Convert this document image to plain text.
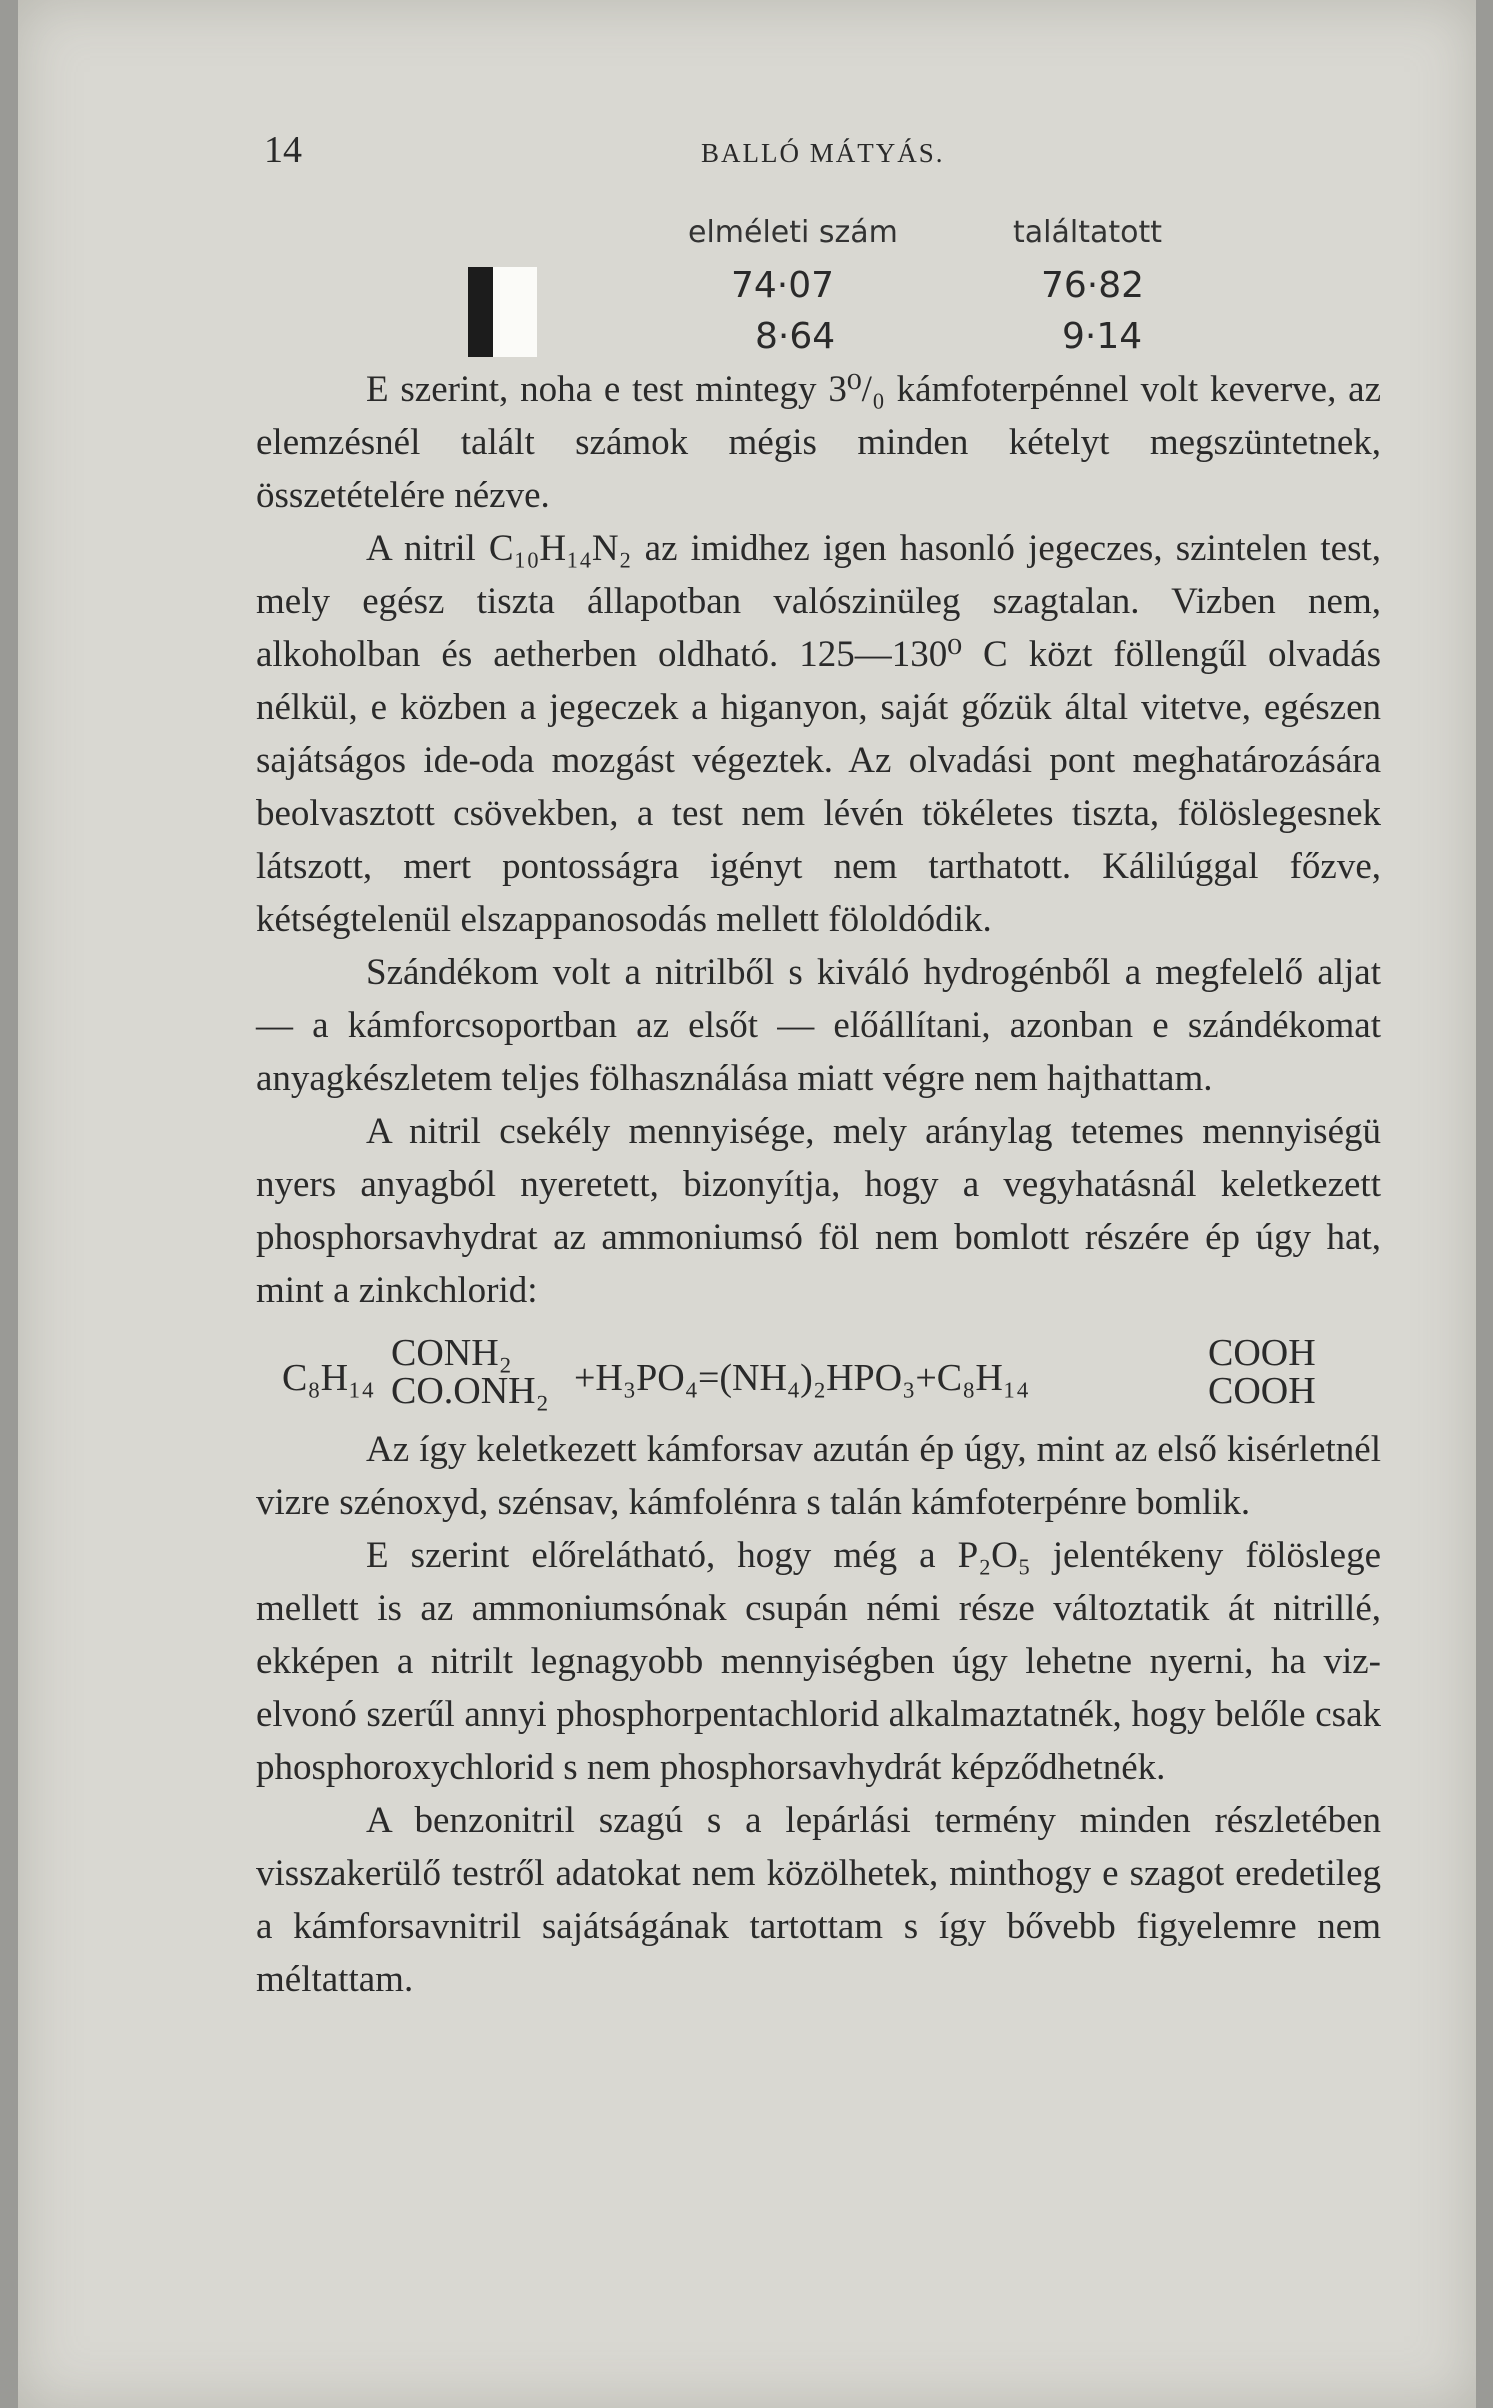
14	BALLÓ MÁTYÁS.
elméleti szám	találtatott
74·07	76·82
8·64	9·14

E szerint, noha e test mintegy 3⁰/₀ kámfoterpénnel volt keverve, az elemzésnél talált számok mégis minden kételyt megszüntetnek, összetételére nézve.

A nitril C₁₀H₁₄N₂ az imidhez igen hasonló jegeczes, szintelen test, mely egész tiszta állapotban valószinüleg szagtalan. Vizben nem, alkoholban és aetherben oldható. 125—130⁰ C közt föllengűl olvadás nélkül, e közben a jegeczek a higanyon, saját gőzük által vitetve, egészen sajátságos ide-oda mozgást végeztek. Az olvadási pont meghatározására beolvasztott csövekben, a test nem lévén tökéletes tiszta, fölöslegesnek látszott, mert pontosságra igényt nem tarthatott. Kálilúggal főzve, kétségtelenül elszappanosodás mellett föloldódik.

Szándékom volt a nitrilből s kiváló hydrogénből a megfelelő aljat — a kámforcsoportban az elsőt — előállítani, azonban e szándékomat anyagkészletem teljes fölhasználása miatt végre nem hajthattam.

A nitril csekély mennyisége, mely aránylag tetemes mennyiségü nyers anyagból nyeretett, bizonyítja, hogy a vegyhatásnál keletkezett phosphorsavhydrat az ammoniumsó föl nem bomlott részére ép úgy hat, mint a zinkchlorid:

C₈H₁₄
CONH₂
CO.ONH₂ +H₃PO₄=(NH₄)₂HPO₃+C₈H₁₄
COOH
COOH

Az így keletkezett kámforsav azután ép úgy, mint az első kisérletnél vizre szénoxyd, szénsav, kámfolénra s talán kámfoterpénre bomlik.

E szerint előrelátható, hogy még a P₂O₅ jelentékeny fölöslege mellett is az ammoniumsónak csupán némi része változtatik át nitrillé, ekképen a nitrilt legnagyobb mennyiségben úgy lehetne nyerni, ha viz-elvonó szerűl annyi phosphorpentachlorid alkalmaztatnék, hogy belőle csak phosphoroxychlorid s nem phosphorsavhydrát képződhetnék.

A benzonitril szagú s a lepárlási termény minden részletében visszakerülő testről adatokat nem közölhetek, minthogy e szagot eredetileg a kámforsavnitril sajátságának tartottam s így bővebb figyelemre nem méltattam.
